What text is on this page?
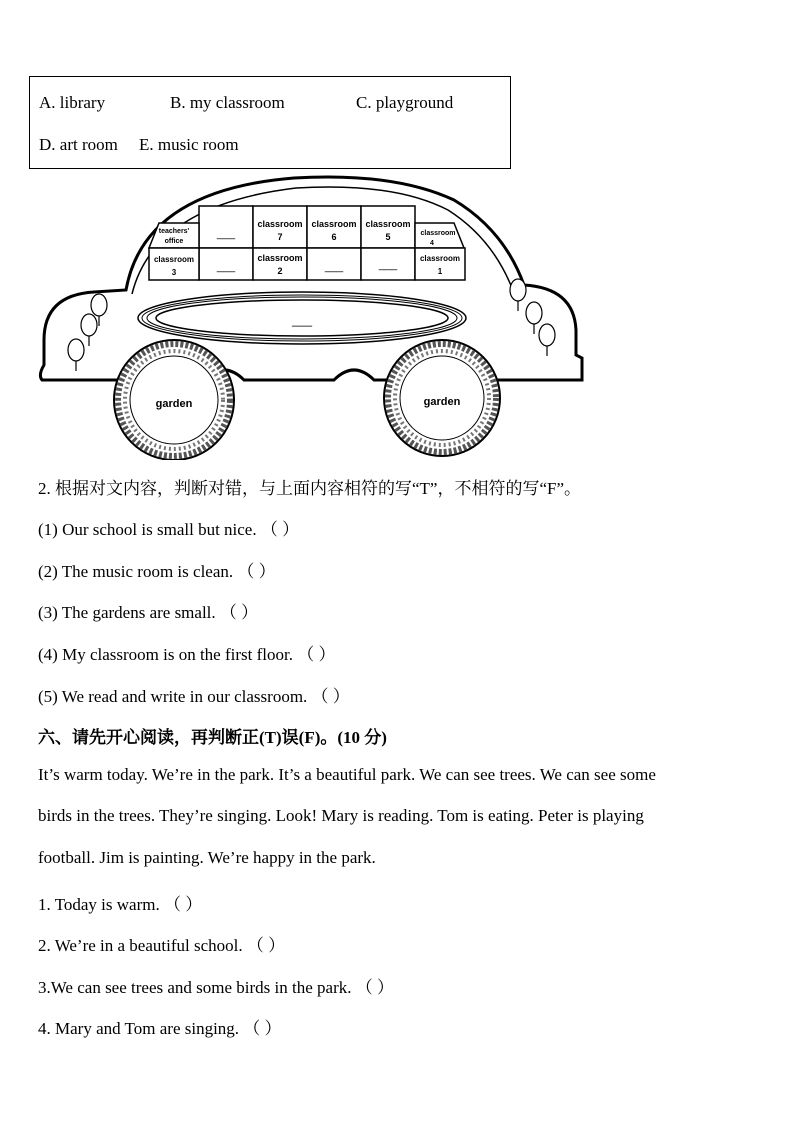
A. library	B. my classroom	C. playground
D. art room E. music room
teachers'
office
___
classroom
7
classroom
6
classroom
5	classroom
4
classroom
3	___
classroom
2	___	___
classroom
1
___
garden	garden
2. 根据对文内容，判断对错，与上面内容相符的写“T”，不相符的写“F”。
(1) Our school is small but nice. （ ）
(2) The music room is clean. （ ）
(3) The gardens are small. （ ）
(4) My classroom is on the first floor. （ ）
(5) We read and write in our classroom. （ ）
六、请先开心阅读，再判断正(T)误(F)。(10 分)
It’s warm today. We’re in the park. It’s a beautiful park. We can see trees. We can see some
birds in the trees. They’re singing. Look! Mary is reading. Tom is eating. Peter is playing
football. Jim is painting. We’re happy in the park.
1. Today is warm. （ ）
2. We’re in a beautiful school. （ ）
3.We can see trees and some birds in the park. （ ）
4. Mary and Tom are singing. （ ）
